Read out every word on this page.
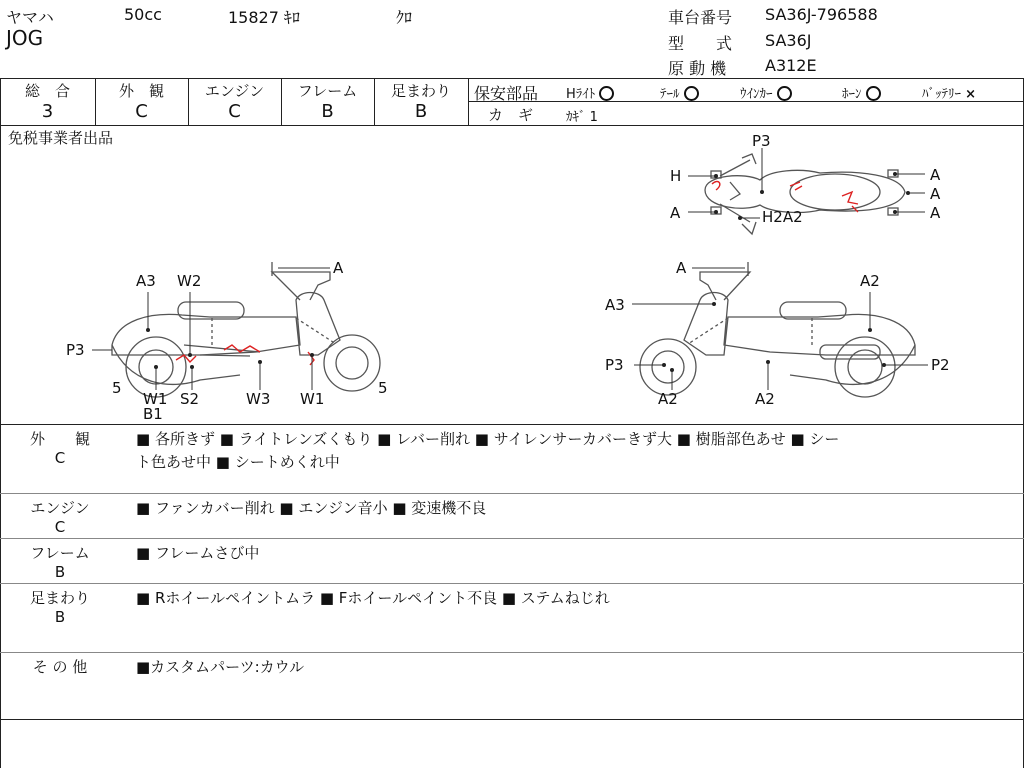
ヤマハ	50cc	15827 ｷﾛ	ｸﾛ
JOG
車台番号 SA36J-796588
型　　式 SA36J
原 動 機 A312E
総　合	外　観	エンジン	フレーム	足まわり
3	C	C	B	B
保安部品 Hﾗｲﾄ	ﾃｰﾙ	ｳｲﾝｶｰ	ﾎｰﾝ	ﾊﾞｯﾃﾘｰ ×
カ　ギ	ｶｷﾞ 1
免税事業者出品	P3
H
A	H2A2
A
A
A
A
A3 W2
P3
5
W1
B1
S2	W3 W1
5
A
A2
A3
P3	P2
A2	A2
外　　観
C
■ 各所きず ■ ライトレンズくもり ■ レバー削れ ■ サイレンサーカバーきず大 ■ 樹脂部色あせ ■ シー
ト色あせ中 ■ シートめくれ中
エンジン
C
■ ファンカバー削れ ■ エンジン音小 ■ 変速機不良
フレーム
B
■ フレームさび中
足まわり
B
■ Rホイールペイントムラ ■ Fホイールペイント不良 ■ ステムねじれ
そ の 他	■カスタムパーツ:カウル
